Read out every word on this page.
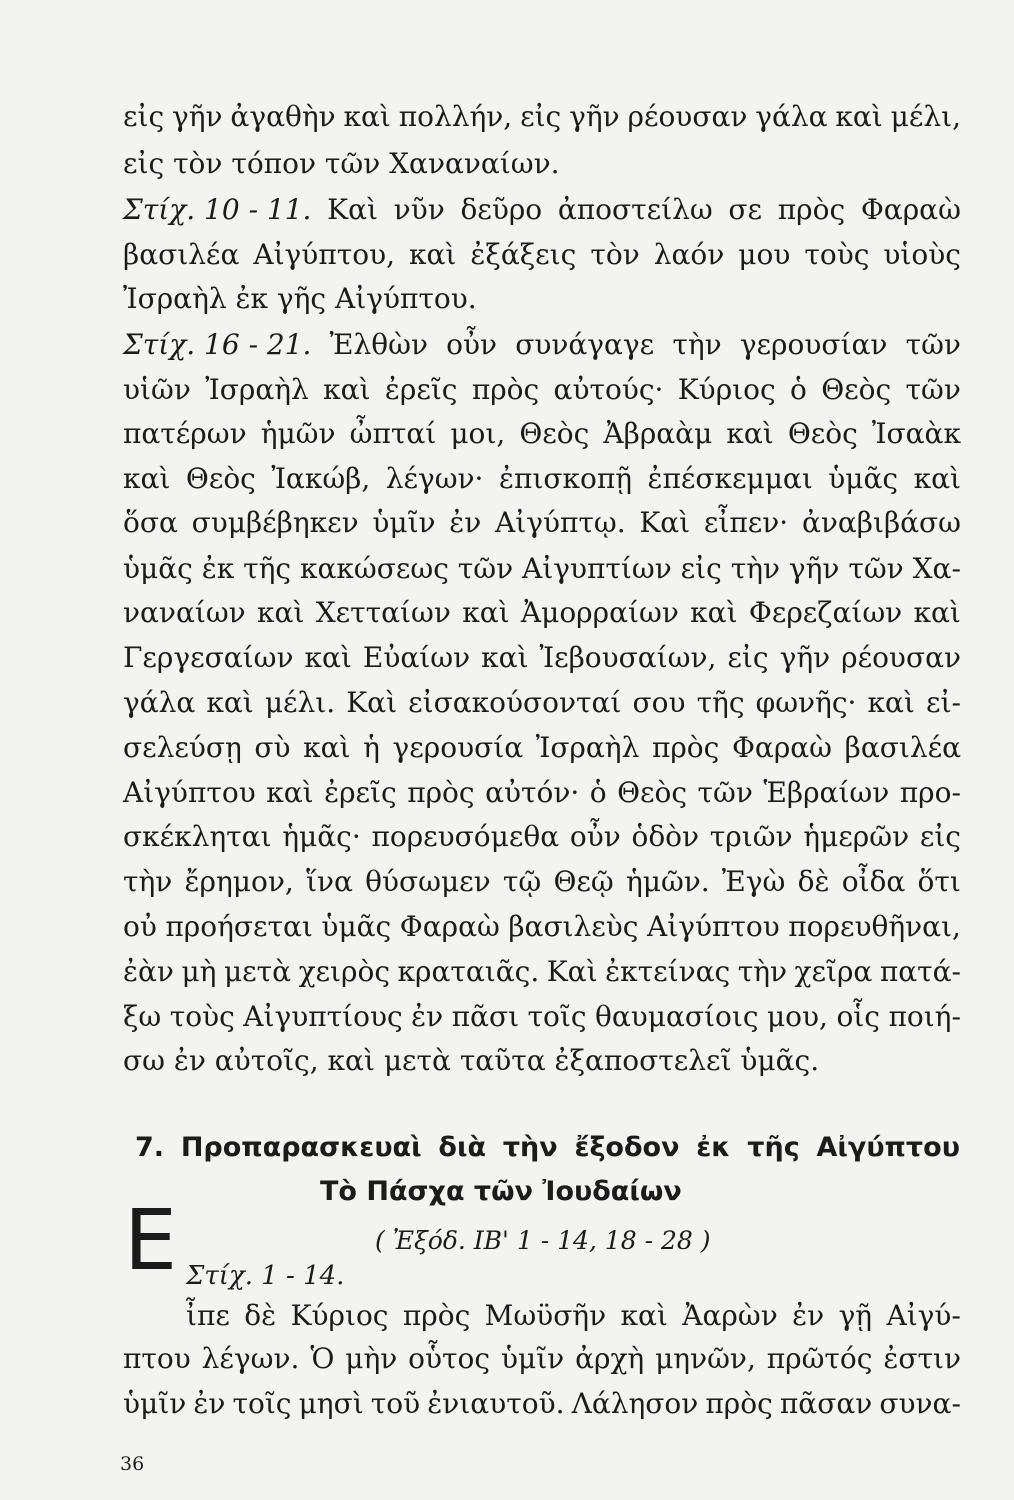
εἰς γῆν ἀγαθὴν καὶ πολλήν, εἰς γῆν ρέουσαν γάλα καὶ μέλι,

εἰς τὸν τόπον τῶν Χαναναίων.

Στίχ. 10 - 11. Καὶ νῦν δεῦρο ἀποστείλω σε πρὸς Φαραὼ

βασιλέα Αἰγύπτου, καὶ ἐξάξεις τὸν λαόν μου τοὺς υἱοὺς

Ἰσραὴλ ἐκ γῆς Αἰγύπτου.

Στίχ. 16 - 21. Ἐλθὼν οὖν συνάγαγε τὴν γερουσίαν τῶν

υἱῶν Ἰσραὴλ καὶ ἐρεῖς πρὸς αὐτούς· Κύριος ὁ Θεὸς τῶν

πατέρων ἡμῶν ὦπταί μοι, Θεὸς Ἀβραὰμ καὶ Θεὸς Ἰσαὰκ

καὶ Θεὸς Ἰακώβ, λέγων· ἐπισκοπῇ ἐπέσκεμμαι ὑμᾶς καὶ

ὅσα συμβέβηκεν ὑμῖν ἐν Αἰγύπτῳ. Καὶ εἶπεν· ἀναβιβάσω

ὑμᾶς ἐκ τῆς κακώσεως τῶν Αἰγυπτίων εἰς τὴν γῆν τῶν Χα-

ναναίων καὶ Χετταίων καὶ Ἀμορραίων καὶ Φερεζαίων καὶ

Γεργεσαίων καὶ Εὐαίων καὶ Ἰεβουσαίων, εἰς γῆν ρέουσαν

γάλα καὶ μέλι. Καὶ εἰσακούσονταί σου τῆς φωνῆς· καὶ εἰ-

σελεύσῃ σὺ καὶ ἡ γερουσία Ἰσραὴλ πρὸς Φαραὼ βασιλέα

Αἰγύπτου καὶ ἐρεῖς πρὸς αὐτόν· ὁ Θεὸς τῶν Ἑβραίων προ-

σκέκληται ἡμᾶς· πορευσόμεθα οὖν ὁδὸν τριῶν ἡμερῶν εἰς

τὴν ἔρημον, ἵνα θύσωμεν τῷ Θεῷ ἡμῶν. Ἐγὼ δὲ οἶδα ὅτι

οὐ προήσεται ὑμᾶς Φαραὼ βασιλεὺς Αἰγύπτου πορευθῆναι,

ἐὰν μὴ μετὰ χειρὸς κραταιᾶς. Καὶ ἐκτείνας τὴν χεῖρα πατά-

ξω τοὺς Αἰγυπτίους ἐν πᾶσι τοῖς θαυμασίοις μου, οἷς ποιή-

σω ἐν αὐτοῖς, καὶ μετὰ ταῦτα ἐξαποστελεῖ ὑμᾶς.

7. Προπαρασκευαὶ διὰ τὴν ἔξοδον ἐκ τῆς Αἰγύπτου

Τὸ Πάσχα τῶν Ἰουδαίων

( Ἐξόδ. ΙΒ' 1 - 14, 18 - 28 )

Ε Στίχ. 1 - 14.

ἶπε δὲ Κύριος πρὸς Μωϋσῆν καὶ Ἀαρὼν ἐν γῇ Αἰγύ-

πτου λέγων. Ὁ μὴν οὗτος ὑμῖν ἀρχὴ μηνῶν, πρῶτός ἐστιν

ὑμῖν ἐν τοῖς μησὶ τοῦ ἐνιαυτοῦ. Λάλησον πρὸς πᾶσαν συνα-

36
